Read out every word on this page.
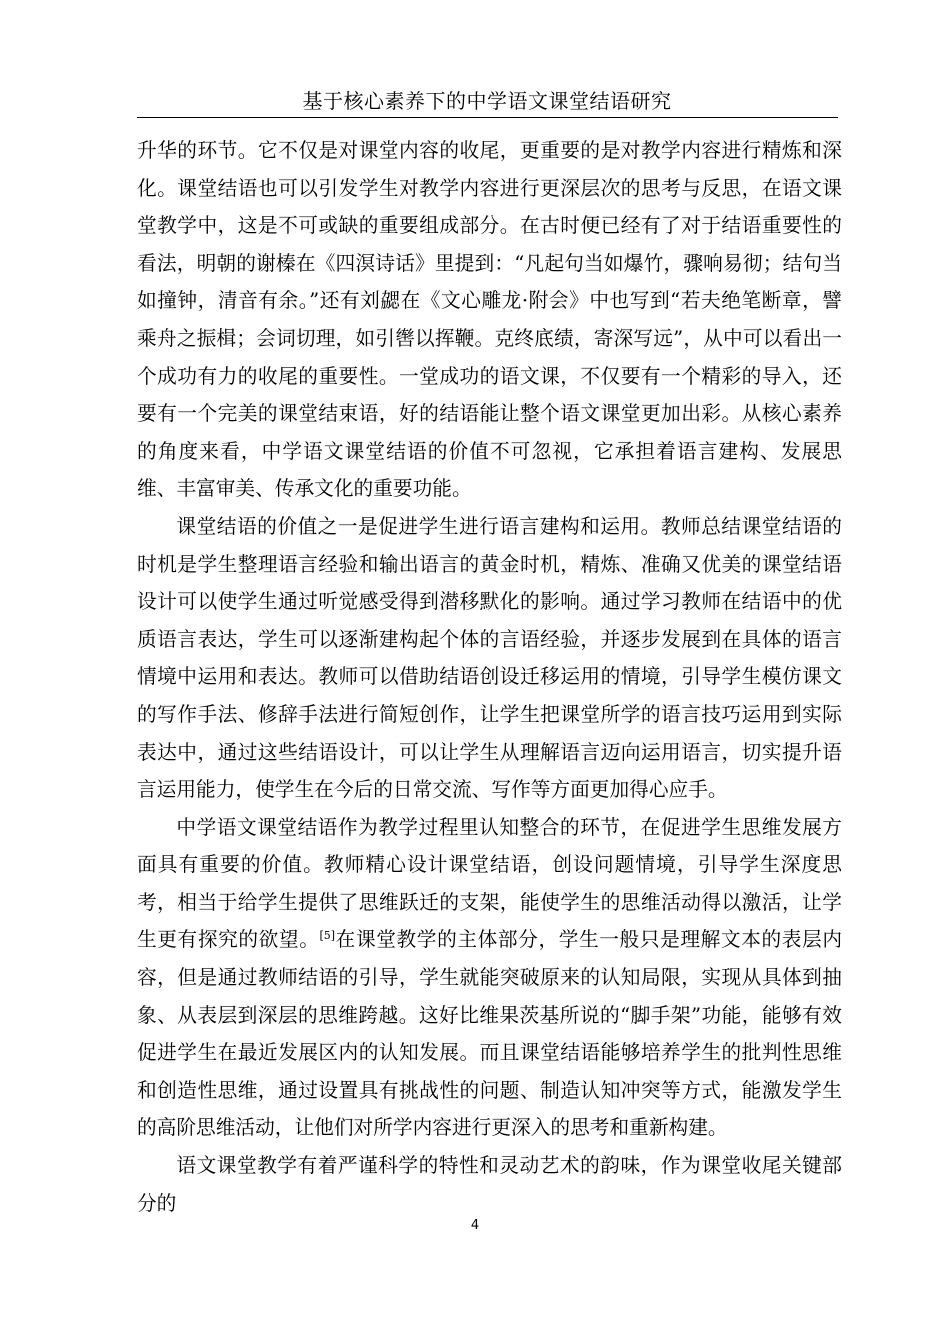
基于核心素养下的中学语文课堂结语研究

升华的环节。它不仅是对课堂内容的收尾，更重要的是对教学内容进行精炼和深化。课堂结语也可以引发学生对教学内容进行更深层次的思考与反思，在语文课堂教学中，这是不可或缺的重要组成部分。在古时便已经有了对于结语重要性的看法，明朝的谢榛在《四溟诗话》里提到：“凡起句当如爆竹，骤响易彻；结句当如撞钟，清音有余。”还有刘勰在《文心雕龙·附会》中也写到“若夫绝笔断章，譬乘舟之振楫；会词切理，如引辔以挥鞭。克终底绩，寄深写远”，从中可以看出一个成功有力的收尾的重要性。一堂成功的语文课，不仅要有一个精彩的导入，还要有一个完美的课堂结束语，好的结语能让整个语文课堂更加出彩。从核心素养的角度来看，中学语文课堂结语的价值不可忽视，它承担着语言建构、发展思维、丰富审美、传承文化的重要功能。

课堂结语的价值之一是促进学生进行语言建构和运用。教师总结课堂结语的时机是学生整理语言经验和输出语言的黄金时机，精炼、准确又优美的课堂结语设计可以使学生通过听觉感受得到潜移默化的影响。通过学习教师在结语中的优质语言表达，学生可以逐渐建构起个体的言语经验，并逐步发展到在具体的语言情境中运用和表达。教师可以借助结语创设迁移运用的情境，引导学生模仿课文的写作手法、修辞手法进行简短创作，让学生把课堂所学的语言技巧运用到实际表达中，通过这些结语设计，可以让学生从理解语言迈向运用语言，切实提升语言运用能力，使学生在今后的日常交流、写作等方面更加得心应手。

中学语文课堂结语作为教学过程里认知整合的环节，在促进学生思维发展方面具有重要的价值。教师精心设计课堂结语，创设问题情境，引导学生深度思考，相当于给学生提供了思维跃迁的支架，能使学生的思维活动得以激活，让学生更有探究的欲望。[5]在课堂教学的主体部分，学生一般只是理解文本的表层内容，但是通过教师结语的引导，学生就能突破原来的认知局限，实现从具体到抽象、从表层到深层的思维跨越。这好比维果茨基所说的“脚手架”功能，能够有效促进学生在最近发展区内的认知发展。而且课堂结语能够培养学生的批判性思维和创造性思维，通过设置具有挑战性的问题、制造认知冲突等方式，能激发学生的高阶思维活动，让他们对所学内容进行更深入的思考和重新构建。

语文课堂教学有着严谨科学的特性和灵动艺术的韵味，作为课堂收尾关键部分的

4
